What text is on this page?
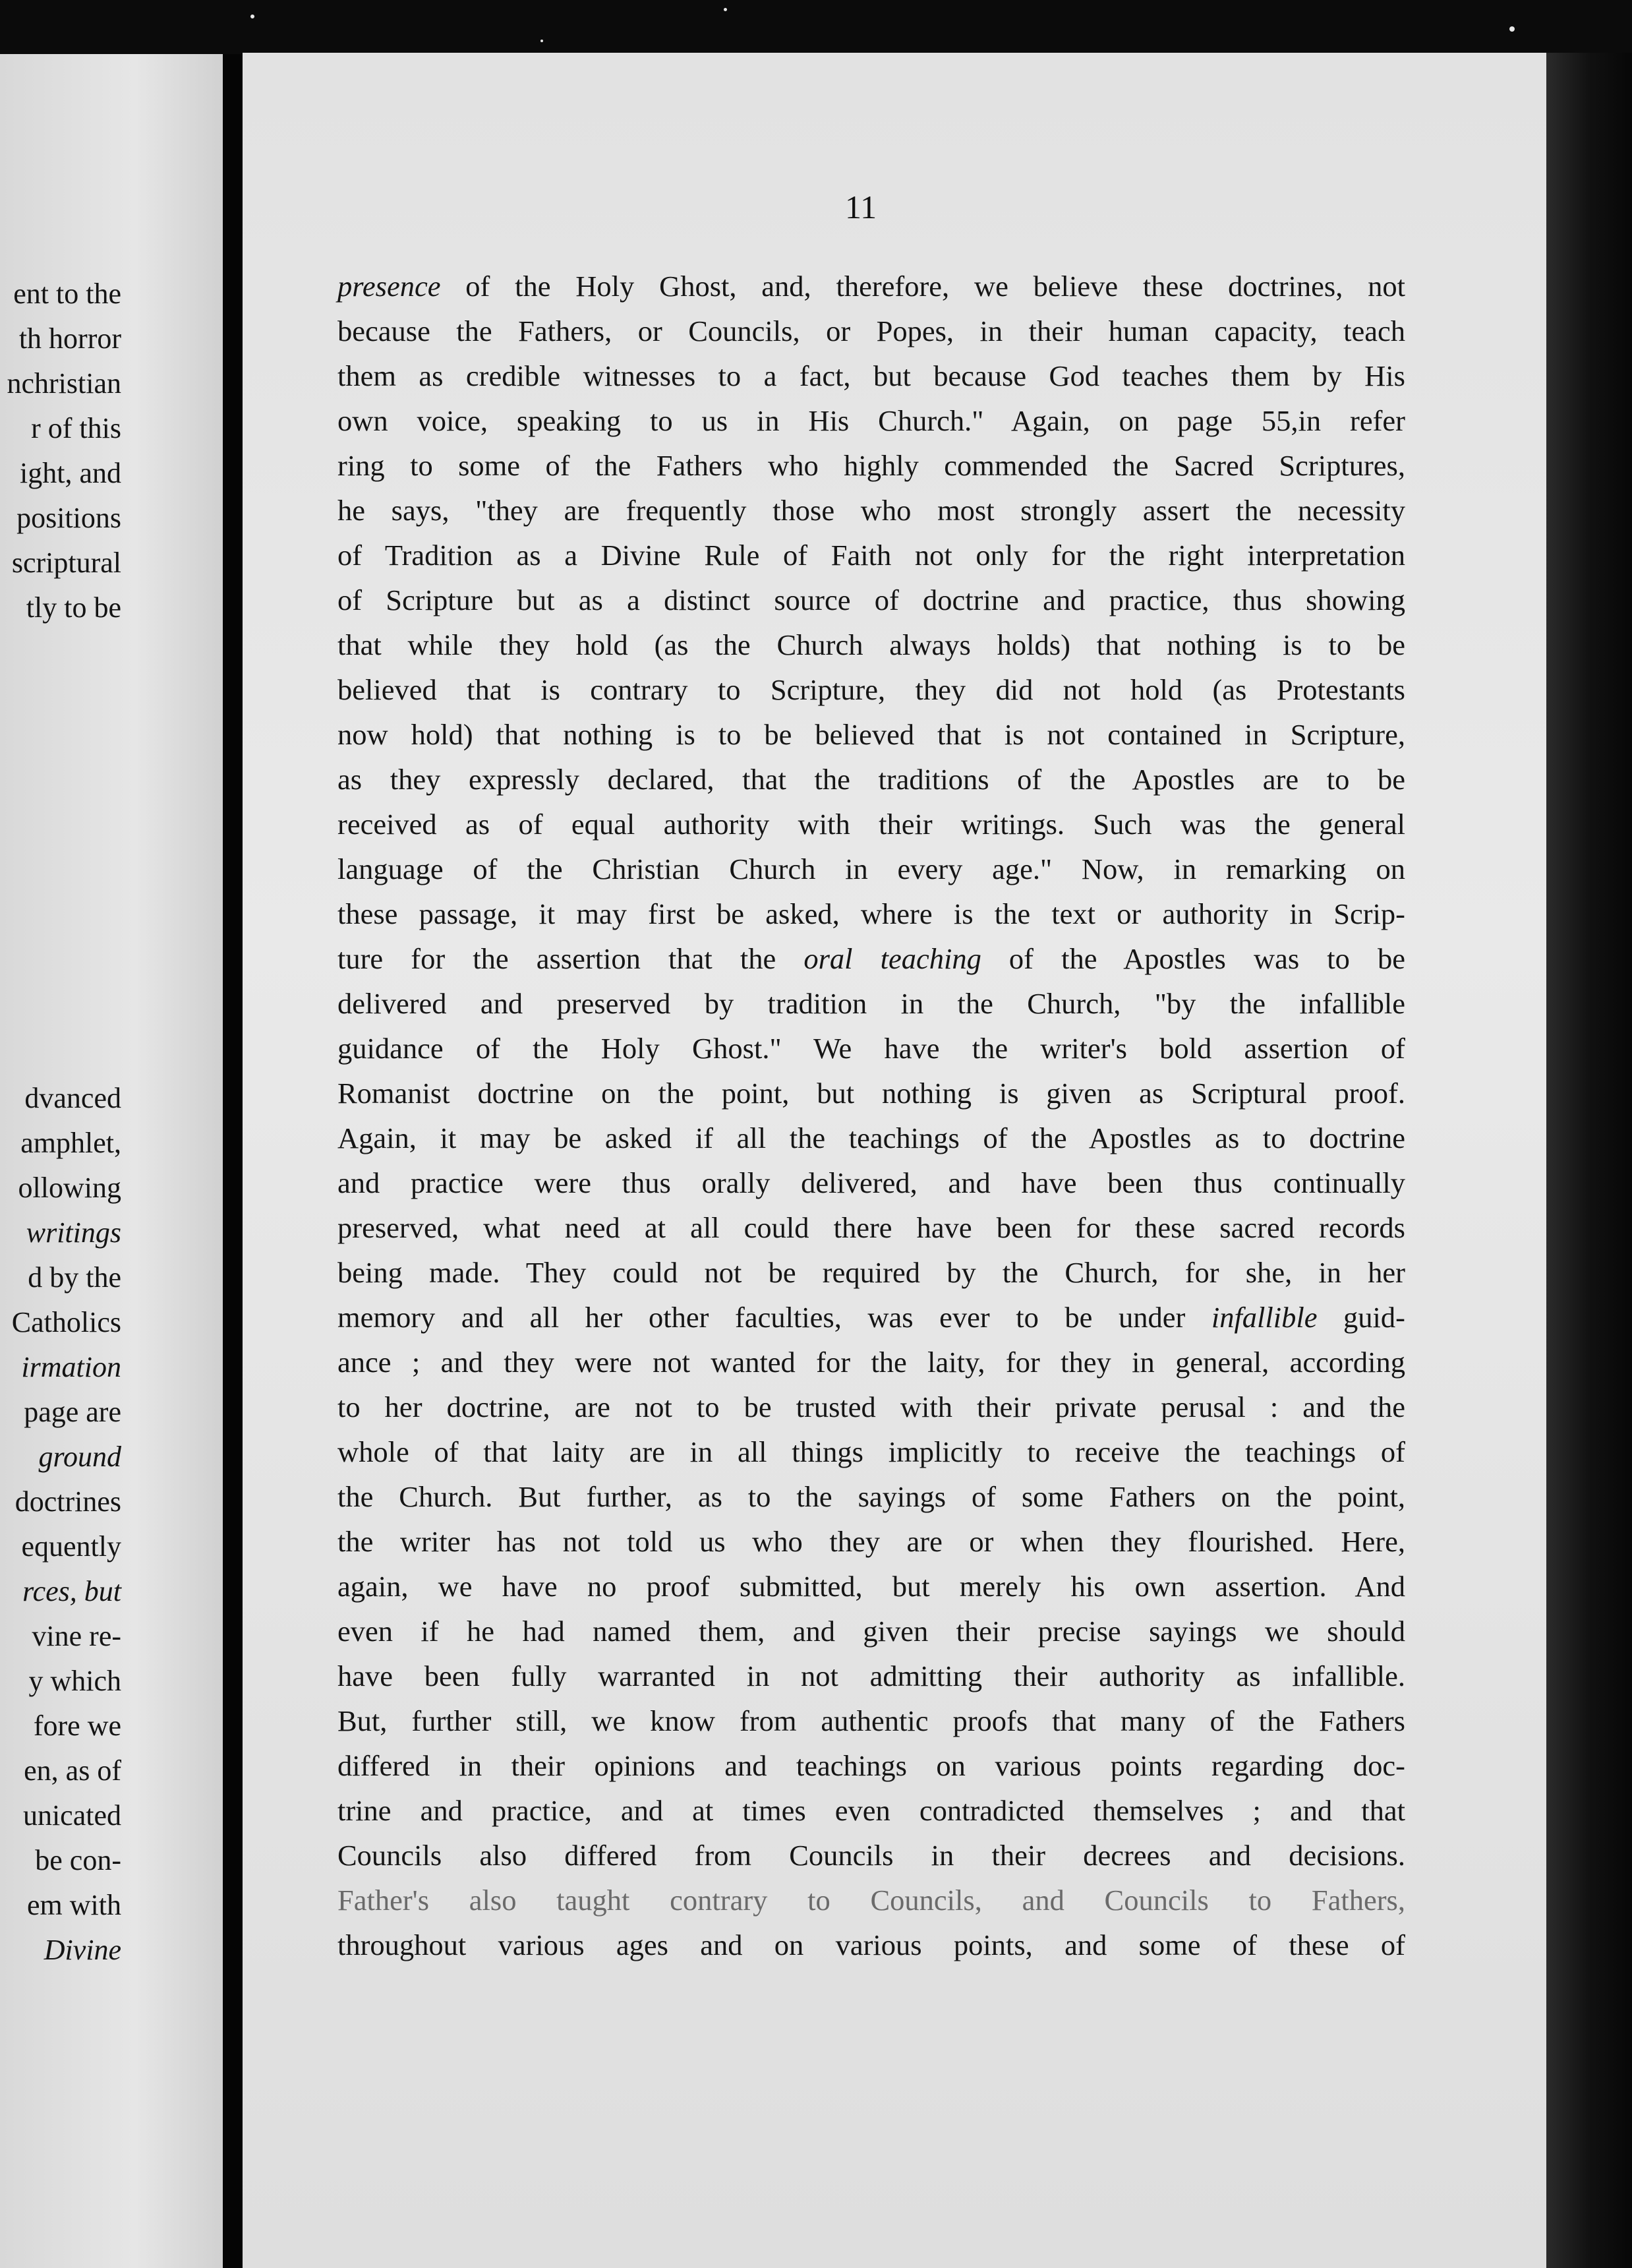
ent to the
th horror
nchristian
r of this
ight, and
positions
scriptural
tly to be
dvanced
amphlet,
ollowing
writings
d by the
Catholics
irmation
page are
ground
doctrines
equently
rces, but
vine re-
y which
fore we
en, as of
unicated
be con-
em with
Divine
11
presence of the Holy Ghost, and, therefore, we believe these doctrines, not
because the Fathers, or Councils, or Popes, in their human capacity, teach
them as credible witnesses to a fact, but because God teaches them by His
own voice, speaking to us in His Church." Again, on page 55,in refer
ring to some of the Fathers who highly commended the Sacred Scriptures,
he says, "they are frequently those who most strongly assert the necessity
of Tradition as a Divine Rule of Faith not only for the right interpretation
of Scripture but as a distinct source of doctrine and practice, thus showing
that while they hold (as the Church always holds) that nothing is to be
believed that is contrary to Scripture, they did not hold (as Protestants
now hold) that nothing is to be believed that is not contained in Scripture,
as they expressly declared, that the traditions of the Apostles are to be
received as of equal authority with their writings. Such was the general
language of the Christian Church in every age." Now, in remarking on
these passage, it may first be asked, where is the text or authority in Scrip-
ture for the assertion that the oral teaching of the Apostles was to be
delivered and preserved by tradition in the Church, "by the infallible
guidance of the Holy Ghost." We have the writer's bold assertion of
Romanist doctrine on the point, but nothing is given as Scriptural proof.
Again, it may be asked if all the teachings of the Apostles as to doctrine
and practice were thus orally delivered, and have been thus continually
preserved, what need at all could there have been for these sacred records
being made. They could not be required by the Church, for she, in her
memory and all her other faculties, was ever to be under infallible guid-
ance ; and they were not wanted for the laity, for they in general, according
to her doctrine, are not to be trusted with their private perusal : and the
whole of that laity are in all things implicitly to receive the teachings of
the Church. But further, as to the sayings of some Fathers on the point,
the writer has not told us who they are or when they flourished. Here,
again, we have no proof submitted, but merely his own assertion. And
even if he had named them, and given their precise sayings we should
have been fully warranted in not admitting their authority as infallible.
But, further still, we know from authentic proofs that many of the Fathers
differed in their opinions and teachings on various points regarding doc-
trine and practice, and at times even contradicted themselves ; and that
Councils also differed from Councils in their decrees and decisions.
Father's also taught contrary to Councils, and Councils to Fathers,
throughout various ages and on various points, and some of these of
